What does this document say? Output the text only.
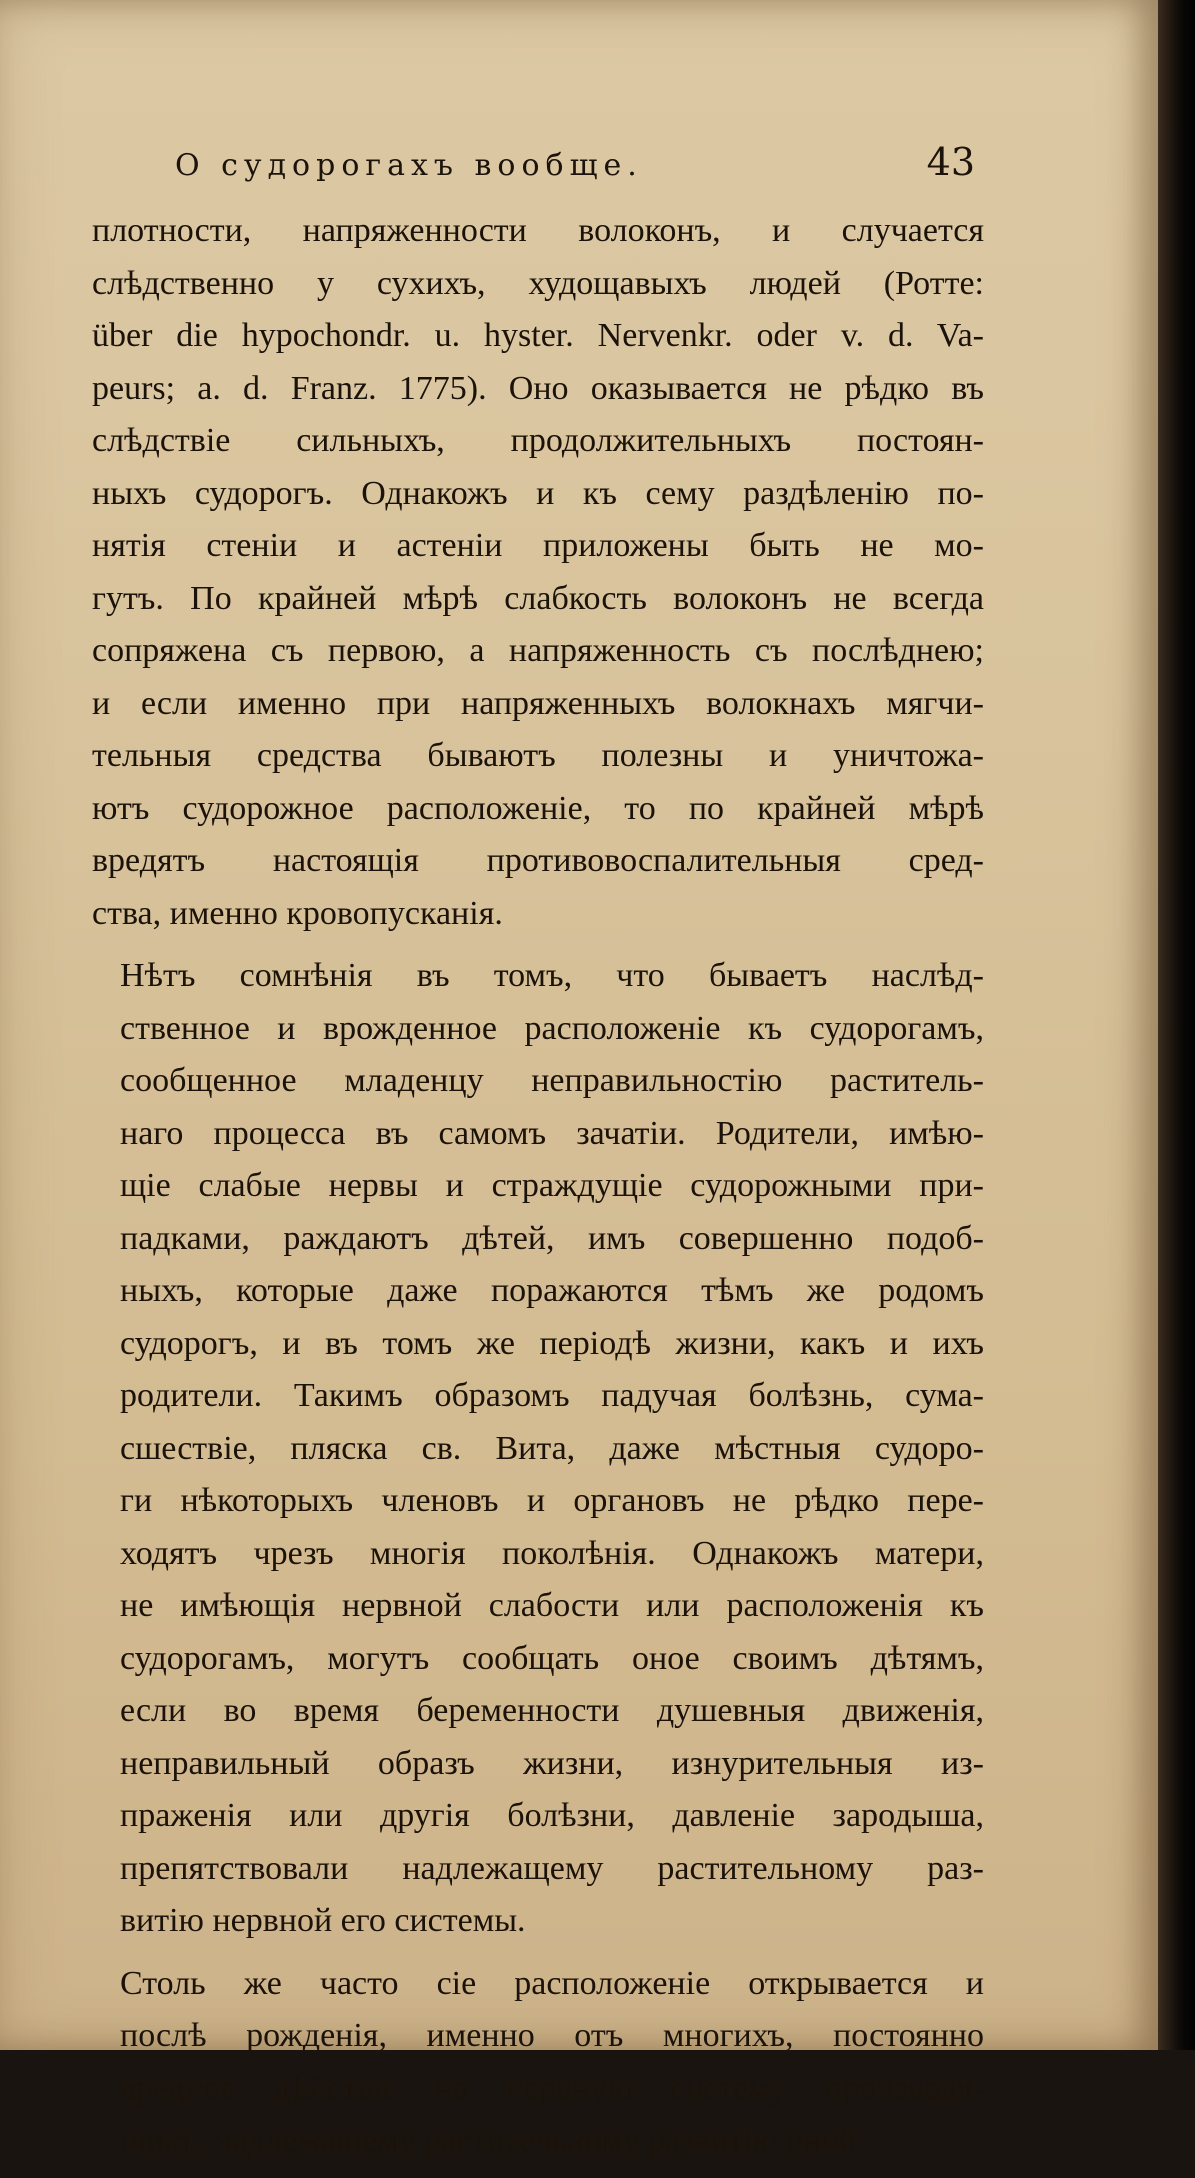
О судорогахъ вообще.	43
плотности, напряженности волоконъ, и случается
слѣдственно у сухихъ, худощавыхъ людей (Ротте:
über die hypochondr. u. hyster. Nervenkr. oder v. d. Va-
peurs; a. d. Franz. 1775). Оно оказывается не рѣдко въ
слѣдствіе сильныхъ, продолжительныхъ постоян-
ныхъ судорогъ. Однакожъ и къ сему раздѣленію по-
нятія стеніи и астеніи приложены быть не мо-
гутъ. По крайней мѣрѣ слабкость волоконъ не всегда
сопряжена съ первою, а напряженность съ послѣднею;
и если именно при напряженныхъ волокнахъ мягчи-
тельныя средства бываютъ полезны и уничтожа-
ютъ судорожное расположеніе, то по крайней мѣрѣ
вредятъ настоящія противовоспалительныя сред-
ства, именно кровопусканія.
Нѣтъ сомнѣнія въ томъ, что бываетъ наслѣд-
ственное и врожденное расположеніе къ судорогамъ,
сообщенное младенцу неправильностію раститель-
наго процесса въ самомъ зачатіи. Родители, имѣю-
щіе слабые нервы и страждущіе судорожными при-
падками, раждаютъ дѣтей, имъ совершенно подоб-
ныхъ, которые даже поражаются тѣмъ же родомъ
судорогъ, и въ томъ же періодѣ жизни, какъ и ихъ
родители. Такимъ образомъ падучая болѣзнь, сума-
сшествіе, пляска св. Вита, даже мѣстныя судоро-
ги нѣкоторыхъ членовъ и органовъ не рѣдко пере-
ходятъ чрезъ многія поколѣнія. Однакожъ матери,
не имѣющія нервной слабости или расположенія къ
судорогамъ, могутъ сообщать оное своимъ дѣтямъ,
если во время беременности душевныя движенія,
неправильный образъ жизни, изнурительныя из-
праженія или другія болѣзни, давленіе зародыша,
препятствовали надлежащему растительному раз-
витію нервной его системы.
Столь же часто сіе расположеніе открывается и
послѣ рожденія, именно отъ многихъ, постоянно
вредное дѣйствіе на нервную систему производя-
щихъ, надлежащему растительному развитію оной
